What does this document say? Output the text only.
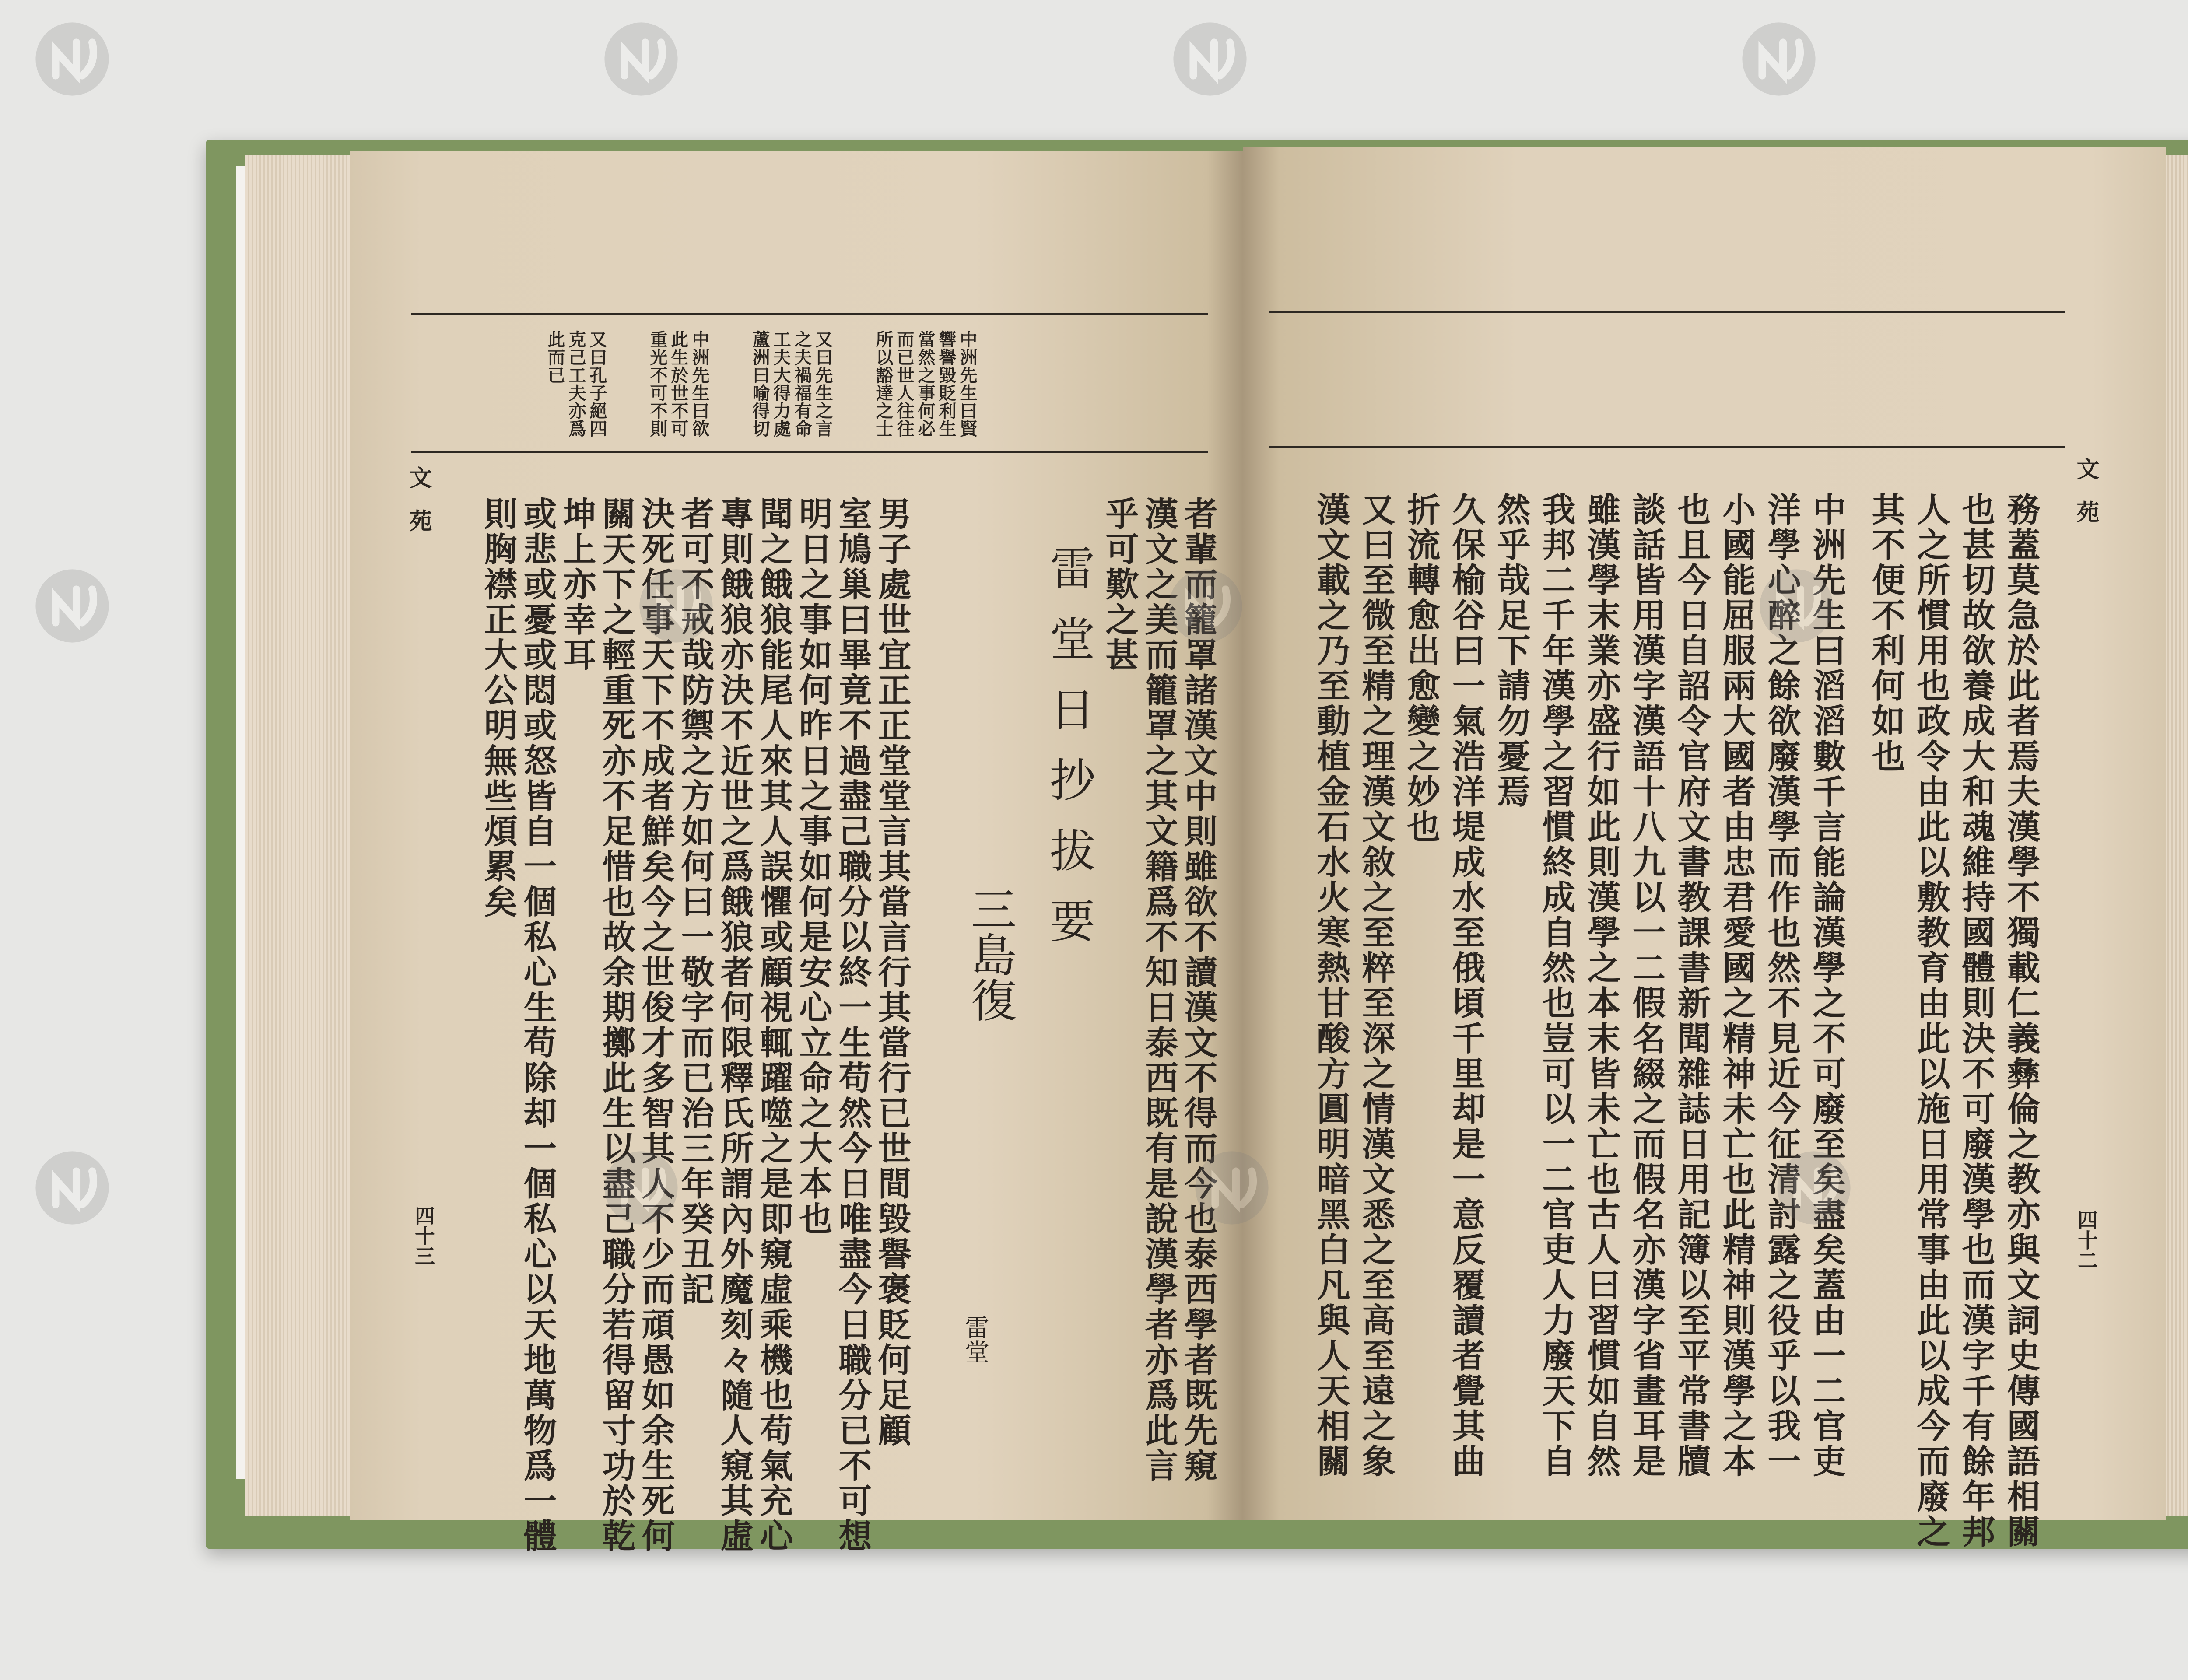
中洲先生曰賢
響譽毀貶利生
當然之事何必
而已世人往往
所以豁達之士
又曰先生之言
之夫禍福有命
工夫大得力處
蘆洲曰喻得切
中洲先生曰欲
此生於世不可
重光不可不則
又曰孔子絕四
克己工夫亦爲
此而已
文苑
四十三	者輩而籠罩諸漢文中則雖欲不讀漢文不得而今也泰西學者既先窺
漢文之美而籠罩之其文籍爲不知日泰西既有是說漢學者亦爲此言
乎可歎之甚
雷堂日抄拔要
三島復
雷堂
男子處世宜正正堂堂言其當言行其當行已世間毀譽褒貶何足顧
室鳩巢曰畢竟不過盡己職分以終一生苟然今日唯盡今日職分已不可想
明日之事如何昨日之事如何是安心立命之大本也
聞之餓狼能尾人來其人誤懼或顧視輒躍噬之是即窺虛乘機也苟氣充心
專則餓狼亦決不近世之爲餓狼者何限釋氏所謂內外魔刻々隨人窺其虛
者可不戒哉防禦之方如何曰一敬字而已治三年癸丑記
決死任事天下不成者鮮矣今之世俊才多智其人不少而頑愚如余生死何
關天下之輕重死亦不足惜也故余期擲此生以盡己職分若得留寸功於乾
坤上亦幸耳
或悲或憂或悶或怒皆自一個私心生苟除却一個私心以天地萬物爲一體
則胸襟正大公明無些煩累矣	文苑
四十二
務蓋莫急於此者焉夫漢學不獨載仁義彝倫之教亦與文詞史傳國語相關
也甚切故欲養成大和魂維持國體則決不可廢漢學也而漢字千有餘年邦
人之所慣用也政令由此以敷教育由此以施日用常事由此以成今而廢之
其不便不利何如也
中洲先生曰滔滔數千言能論漢學之不可廢至矣盡矣蓋由一二官吏
洋學心醉之餘欲廢漢學而作也然不見近今征清討露之役乎以我一
小國能屈服兩大國者由忠君愛國之精神未亡也此精神則漢學之本
也且今日自詔令官府文書教課書新聞雜誌日用記簿以至平常書牘
談話皆用漢字漢語十八九以一二假名綴之而假名亦漢字省畫耳是
雖漢學末業亦盛行如此則漢學之本末皆未亡也古人曰習慣如自然
我邦二千年漢學之習慣終成自然也豈可以一二官吏人力廢天下自
然乎哉足下請勿憂焉
久保榆谷曰一氣浩洋堤成水至俄頃千里却是一意反覆讀者覺其曲
折流轉愈出愈變之妙也
又曰至微至精之理漢文敘之至粹至深之情漢文悉之至高至遠之象
漢文載之乃至動植金石水火寒熱甘酸方圓明暗黑白凡與人天相關
